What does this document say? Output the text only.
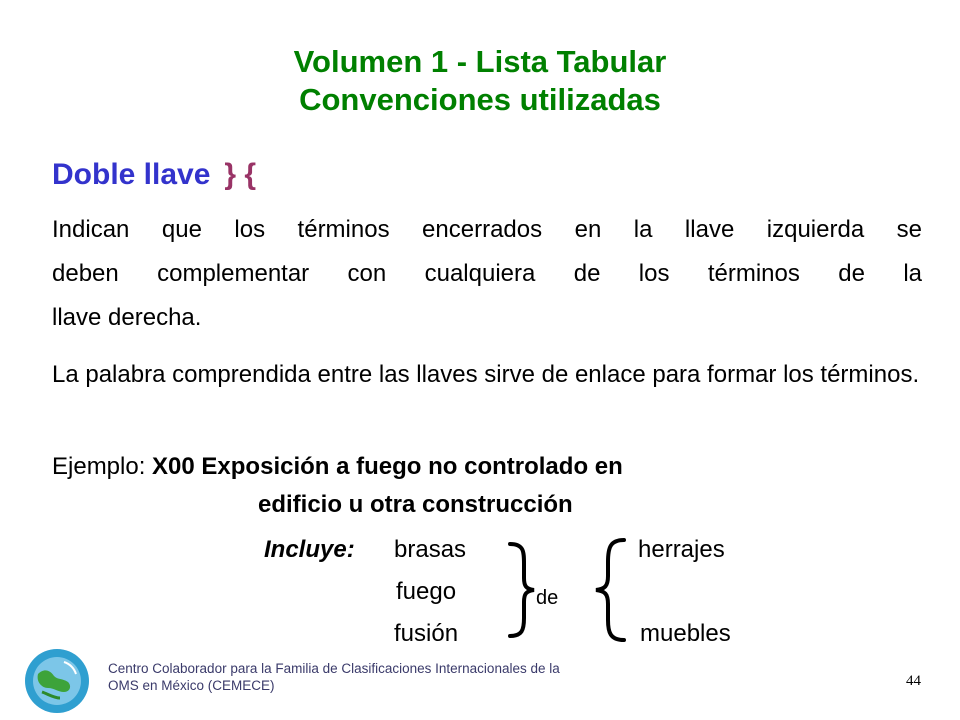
Volumen 1 - Lista Tabular
Convenciones utilizadas
Doble llave } {
Indican que los términos encerrados en la llave izquierda se
deben complementar con cualquiera de los términos de la
llave derecha.
La palabra comprendida entre las llaves sirve de enlace para formar los términos.
Ejemplo: X00 Exposición a fuego no controlado en
edificio u otra construcción
Incluye: brasas
fuego
fusión
de
herrajes
muebles
Centro Colaborador para la Familia de Clasificaciones Internacionales de la
OMS en México (CEMECE)	44
